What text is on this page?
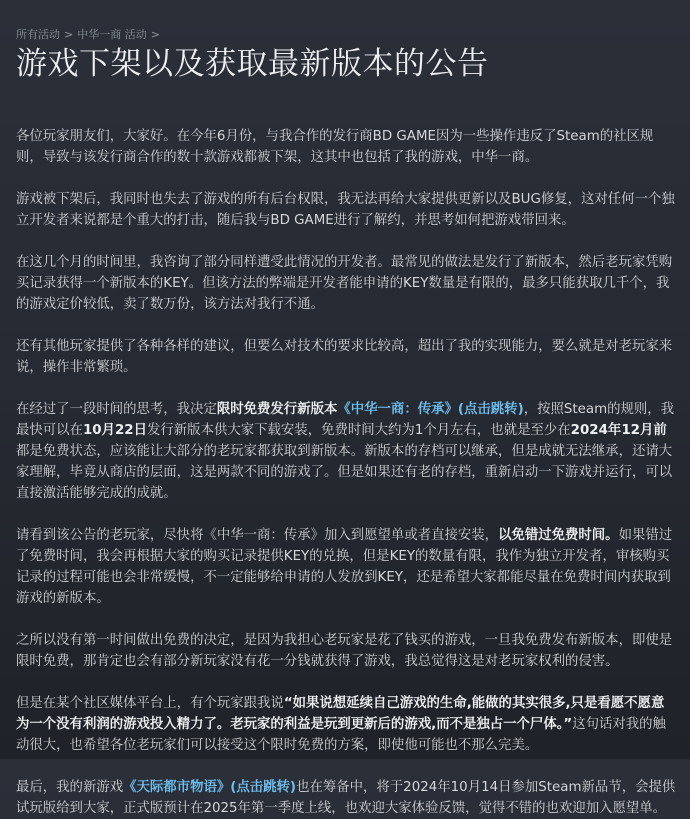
所有活动 > 中华一商 活动 >
游戏下架以及获取最新版本的公告

各位玩家朋友们，大家好。在今年6月份，与我合作的发行商BD GAME因为一些操作违反了Steam的社区规则，导致与该发行商合作的数十款游戏都被下架，这其中也包括了我的游戏，中华一商。

游戏被下架后，我同时也失去了游戏的所有后台权限，我无法再给大家提供更新以及BUG修复，这对任何一个独立开发者来说都是个重大的打击，随后我与BD GAME进行了解约，并思考如何把游戏带回来。

在这几个月的时间里，我咨询了部分同样遭受此情况的开发者。最常见的做法是发行了新版本，然后老玩家凭购买记录获得一个新版本的KEY。但该方法的弊端是开发者能申请的KEY数量是有限的，最多只能获取几千个，我的游戏定价较低，卖了数万份，该方法对我行不通。

还有其他玩家提供了各种各样的建议，但要么对技术的要求比较高，超出了我的实现能力，要么就是对老玩家来说，操作非常繁琐。

在经过了一段时间的思考，我决定限时免费发行新版本《中华一商：传承》(点击跳转)，按照Steam的规则，我最快可以在10月22日发行新版本供大家下载安装，免费时间大约为1个月左右，也就是至少在2024年12月前都是免费状态，应该能让大部分的老玩家都获取到新版本。新版本的存档可以继承，但是成就无法继承，还请大家理解，毕竟从商店的层面，这是两款不同的游戏了。但是如果还有老的存档，重新启动一下游戏并运行，可以直接激活能够完成的成就。

请看到该公告的老玩家，尽快将《中华一商：传承》加入到愿望单或者直接安装，以免错过免费时间。如果错过了免费时间，我会再根据大家的购买记录提供KEY的兑换，但是KEY的数量有限，我作为独立开发者，审核购买记录的过程可能也会非常缓慢，不一定能够给申请的人发放到KEY，还是希望大家都能尽量在免费时间内获取到游戏的新版本。

之所以没有第一时间做出免费的决定，是因为我担心老玩家是花了钱买的游戏，一旦我免费发布新版本，即使是限时免费，那肯定也会有部分新玩家没有花一分钱就获得了游戏，我总觉得这是对老玩家权利的侵害。

但是在某个社区媒体平台上，有个玩家跟我说“如果说想延续自己游戏的生命,能做的其实很多,只是看愿不愿意为一个没有利润的游戏投入精力了。老玩家的利益是玩到更新后的游戏,而不是独占一个尸体。”这句话对我的触动很大，也希望各位老玩家们可以接受这个限时免费的方案，即使他可能也不那么完美。

最后，我的新游戏《天际都市物语》(点击跳转)也在筹备中，将于2024年10月14日参加Steam新品节，会提供试玩版给到大家，正式版预计在2025年第一季度上线，也欢迎大家体验反馈，觉得不错的也欢迎加入愿望单。
